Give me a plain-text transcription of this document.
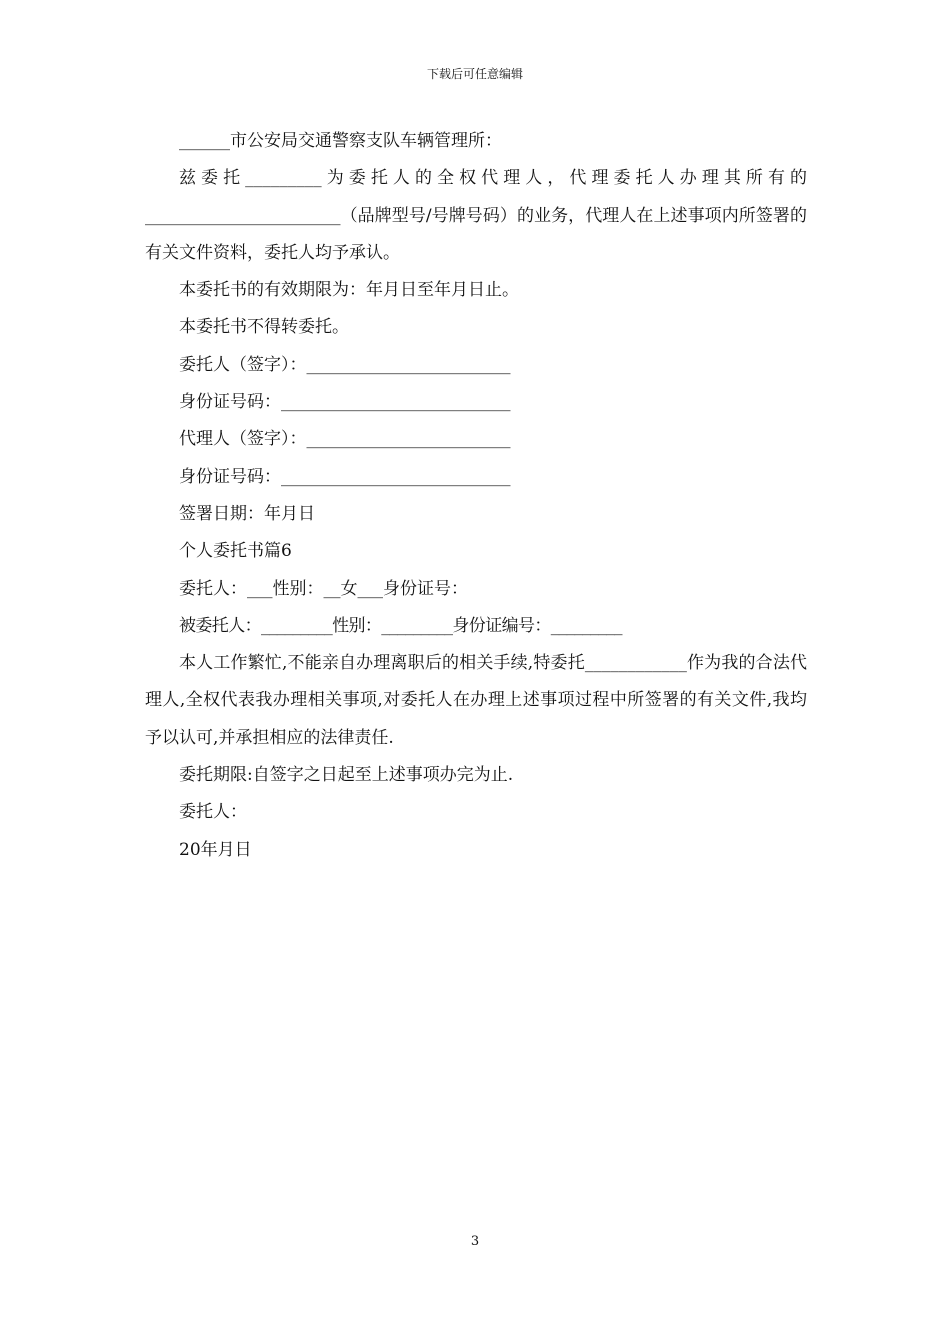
下载后可任意编辑

______市公安局交通警察支队车辆管理所：

兹委托_________为委托人的全权代理人，代理委托人办理其所有的_______________________（品牌型号/号牌号码）的业务，代理人在上述事项内所签署的有关文件资料，委托人均予承认。

本委托书的有效期限为：年月日至年月日止。

本委托书不得转委托。

委托人（签字）：________________________

身份证号码：___________________________

代理人（签字）：________________________

身份证号码：___________________________

签署日期：年月日

个人委托书篇6

委托人：___性别：__女___身份证号：

被委托人：_________性别：_________身份证编号：_________

本人工作繁忙,不能亲自办理离职后的相关手续,特委托____________作为我的合法代理人,全权代表我办理相关事项,对委托人在办理上述事项过程中所签署的有关文件,我均予以认可,并承担相应的法律责任.

委托期限:自签字之日起至上述事项办完为止.

委托人：

20年月日

3
